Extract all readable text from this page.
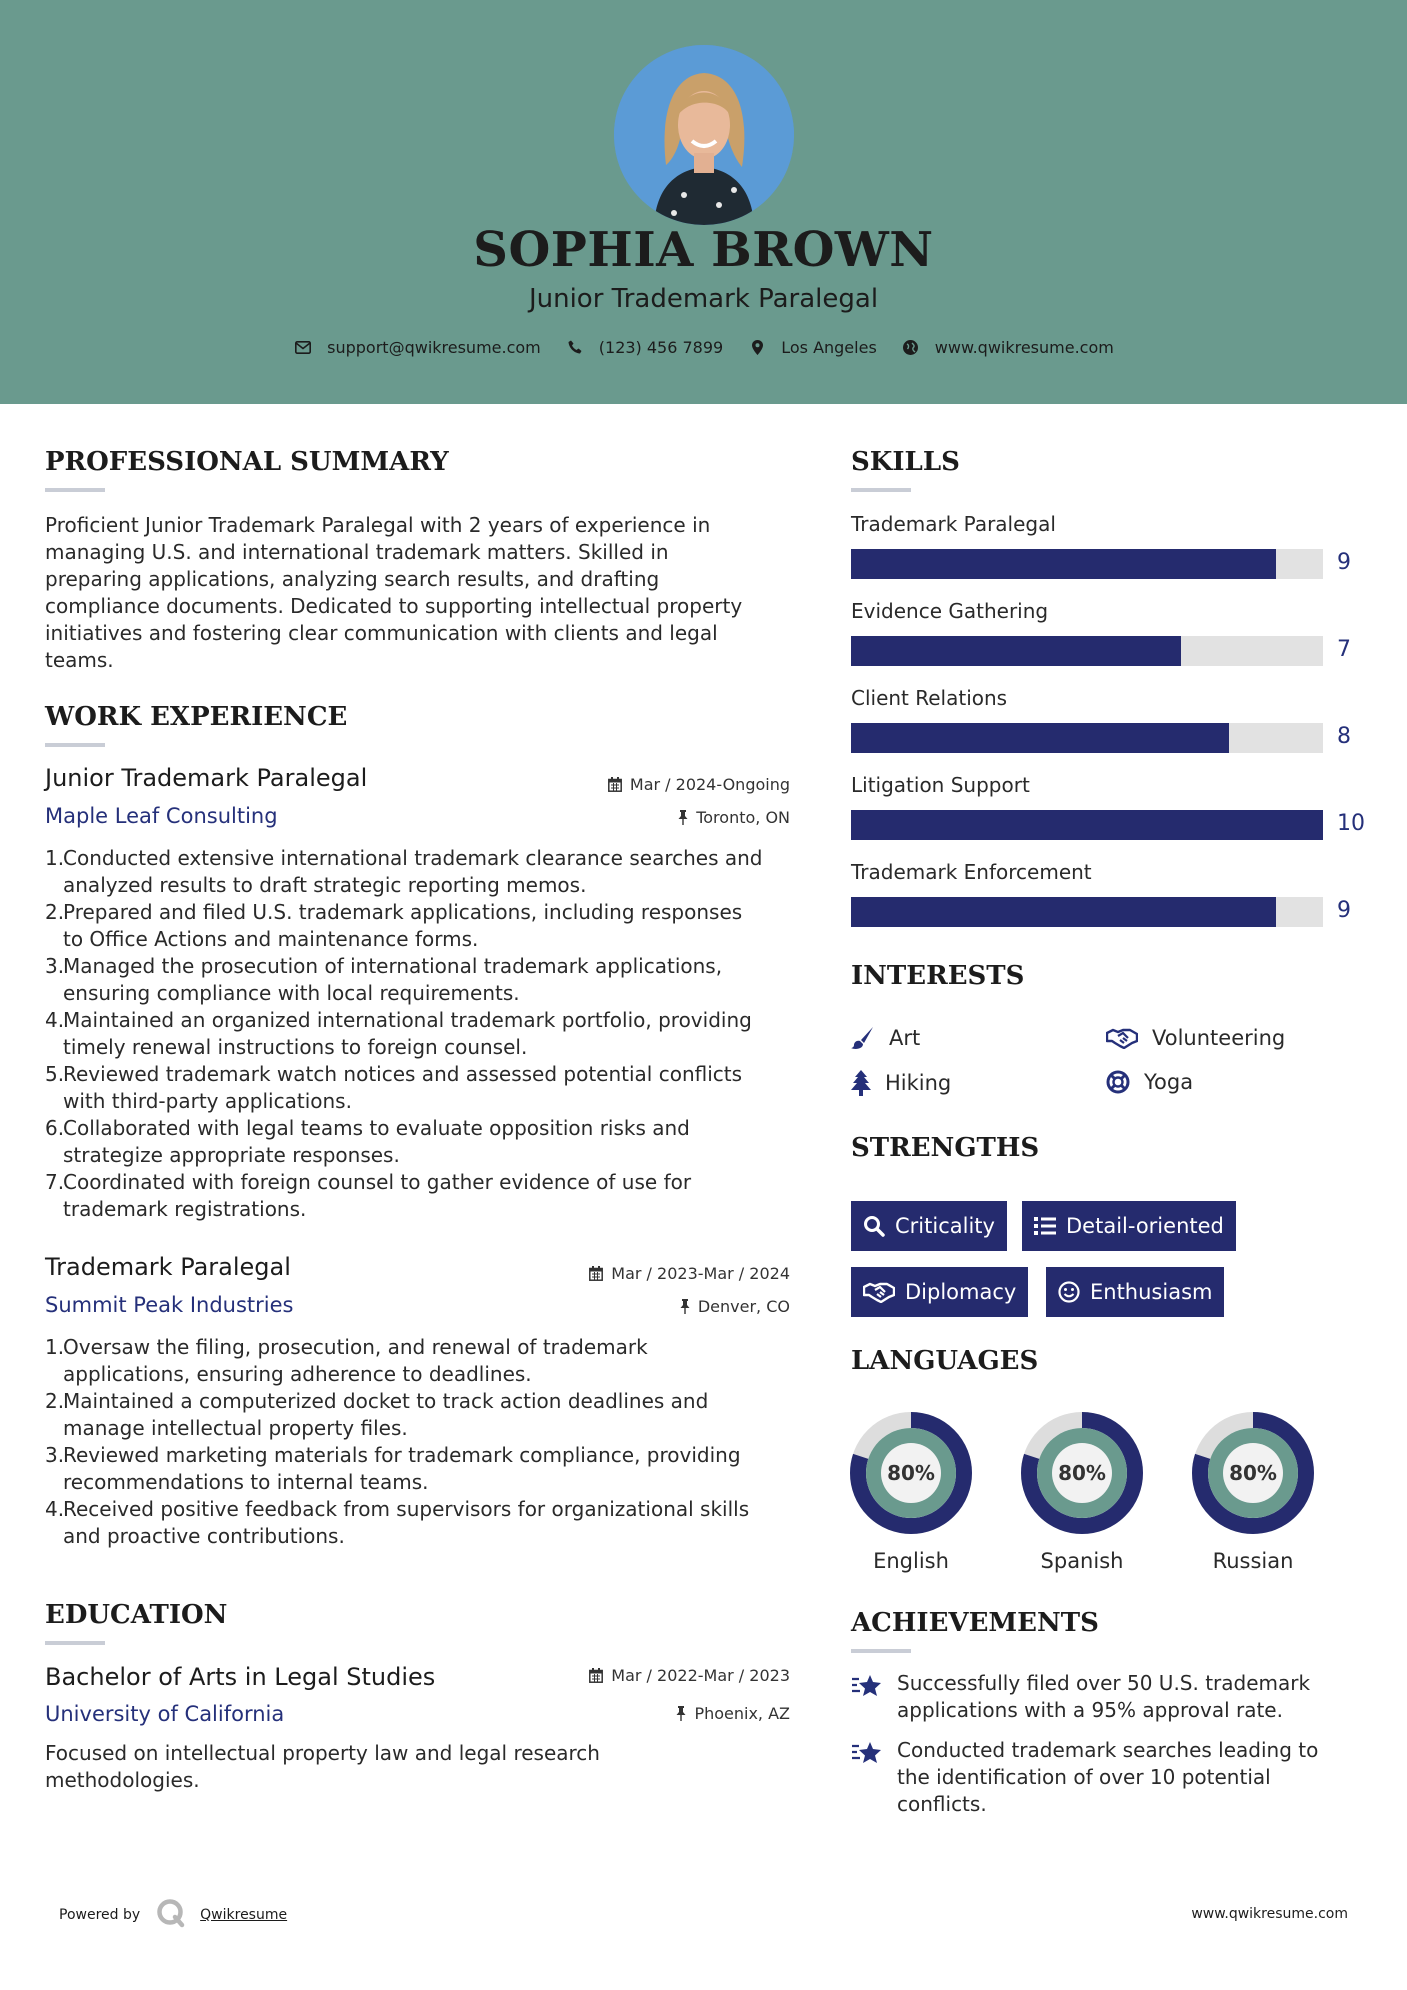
SOPHIA BROWN
Junior Trademark Paralegal
support@qwikresume.com	(123) 456 7899	Los Angeles	www.qwikresume.com
PROFESSIONAL SUMMARY
Proficient Junior Trademark Paralegal with 2 years of experience in
managing U.S. and international trademark matters. Skilled in
preparing applications, analyzing search results, and drafting
compliance documents. Dedicated to supporting intellectual property
initiatives and fostering clear communication with clients and legal
teams.
WORK EXPERIENCE
Junior Trademark Paralegal	Mar / 2024-Ongoing
Maple Leaf Consulting	Toronto, ON
1.
Conducted extensive international trademark clearance searches and
analyzed results to draft strategic reporting memos.
2.
Prepared and filed U.S. trademark applications, including responses
to Office Actions and maintenance forms.
3.
Managed the prosecution of international trademark applications,
ensuring compliance with local requirements.
4.
Maintained an organized international trademark portfolio, providing
timely renewal instructions to foreign counsel.
5.
Reviewed trademark watch notices and assessed potential conflicts
with third-party applications.
6.
Collaborated with legal teams to evaluate opposition risks and
strategize appropriate responses.
7.
Coordinated with foreign counsel to gather evidence of use for
trademark registrations.
Trademark Paralegal	Mar / 2023-Mar / 2024
Summit Peak Industries	Denver, CO
1.
Oversaw the filing, prosecution, and renewal of trademark
applications, ensuring adherence to deadlines.
2.
Maintained a computerized docket to track action deadlines and
manage intellectual property files.
3.
Reviewed marketing materials for trademark compliance, providing
recommendations to internal teams.
4.
Received positive feedback from supervisors for organizational skills
and proactive contributions.
EDUCATION
Bachelor of Arts in Legal Studies	Mar / 2022-Mar / 2023
University of California	Phoenix, AZ
Focused on intellectual property law and legal research
methodologies.
SKILLS
Trademark Paralegal
9
Evidence Gathering
7
Client Relations
8
Litigation Support
10
Trademark Enforcement
9
INTERESTS
Art	Volunteering
Hiking	Yoga
STRENGTHS
Criticality	Detail-oriented
Diplomacy	Enthusiasm
LANGUAGES
80%
English
80%
Spanish
80%
Russian
ACHIEVEMENTS
Successfully filed over 50 U.S. trademark
applications with a 95% approval rate.
Conducted trademark searches leading to
the identification of over 10 potential
conflicts.
Powered by	Qwikresume	www.qwikresume.com
